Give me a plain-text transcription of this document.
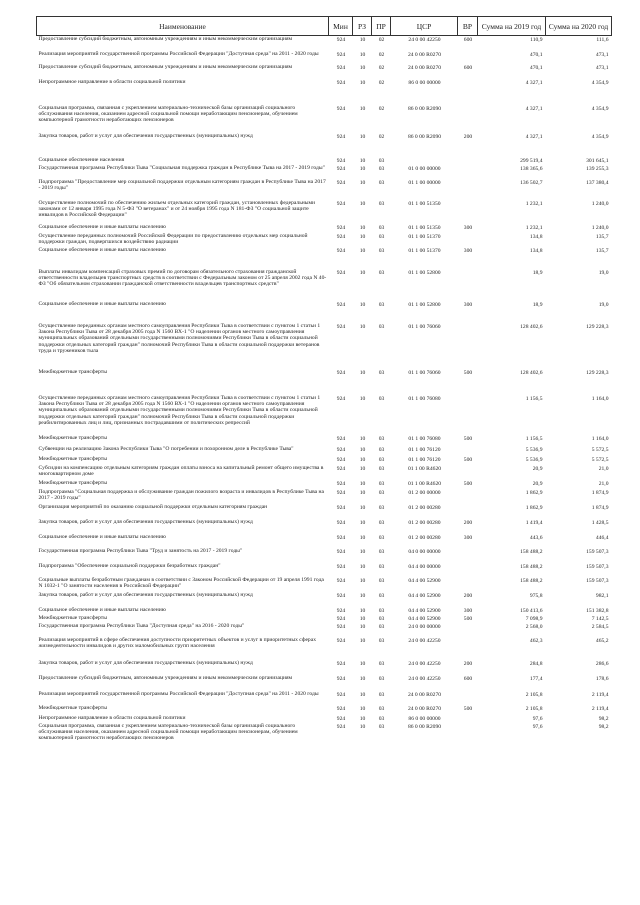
Наименование	Мин	РЗ	ПР	ЦСР	ВР	Сумма на 2019 год	Сумма на 2020 год
Предоставление субсидий бюджетным, автономным учреждениям и иным некоммерческим организациям	924	10	02	24 0 00 42250	600	110,9	111,6
Реализация мероприятий государственной программы Российской Федерации "Доступная среда" на 2011 - 2020 годы	924	10	02	24 0 00 R0270		470,1	473,1
Предоставление субсидий бюджетным, автономным учреждениям и иным некоммерческим организациям	924	10	02	24 0 00 R0270	600	470,1	473,1
Непрограммное направление в области социальной политики	924	10	02	86 0 00 00000		4 327,1	4 354,9
Социальная программа, связанная с укреплением материально-технической базы организаций социального обслуживания населения, оказанием адресной социальной помощи неработающим пенсионерам, обучением компьютерной грамотности неработающих пенсионеров	924	10	02	86 0 00 R2090		4 327,1	4 354,9
Закупка товаров, работ и услуг для обеспечения государственных (муниципальных) нужд	924	10	02	86 0 00 R2090	200	4 327,1	4 354,9
Социальное обеспечение населения	924	10	03			299 519,4	301 645,1
Государственная программа Республики Тыва "Социальная поддержка граждан в Республике Тыва на 2017 - 2019 годы"	924	10	03	01 0 00 00000		138 365,6	139 255,3
Подпрограмма "Предоставление мер социальной поддержки отдельным категориям граждан в Республике Тыва на 2017 - 2019 годы"	924	10	03	01 1 00 00000		136 502,7	137 380,4
Осуществление полномочий по обеспечению жильем отдельных категорий граждан, установленных федеральными законами от 12 января 1995 года N 5-ФЗ "О ветеранах" и от 24 ноября 1995 года N 181-ФЗ "О социальной защите инвалидов в Российской Федерации"	924	10	03	01 1 00 51350		1 232,1	1 240,0
Социальное обеспечение и иные выплаты населению	924	10	03	01 1 00 51350	300	1 232,1	1 240,0
Осуществление переданных полномочий Российской Федерации по предоставлению отдельных мер социальной поддержки граждан, подвергшихся воздействию радиации	924	10	03	01 1 00 51370		134,8	135,7
Социальное обеспечение и иные выплаты населению	924	10	03	01 1 00 51370	300	134,8	135,7
Выплаты инвалидам компенсаций страховых премий по договорам обязательного страхования гражданской ответственности владельцев транспортных средств в соответствии с Федеральным законом от 25 апреля 2002 года N 40-ФЗ "Об обязательном страховании гражданской ответственности владельцев транспортных средств"	924	10	03	01 1 00 52800		18,9	19,0
Социальное обеспечение и иные выплаты населению	924	10	03	01 1 00 52800	300	18,9	19,0
Осуществление переданных органам местного самоуправления Республики Тыва в соответствии с пунктом 1 статьи 1 Закона Республики Тыва от 28 декабря 2005 года N 1560 ВХ-1 "О наделении органов местного самоуправления муниципальных образований отдельными государственными полномочиями Республики Тыва в области социальной поддержки отдельных категорий граждан" полномочий Республики Тыва в области социальной поддержки ветеранов труда и тружеников тыла	924	10	03	01 1 00 76060		128 402,6	129 228,3
Межбюджетные трансферты	924	10	03	01 1 00 76060	500	128 402,6	129 228,3
Осуществление переданных органам местного самоуправления Республики Тыва в соответствии с пунктом 1 статьи 1 Закона Республики Тыва от 28 декабря 2005 года N 1560 ВХ-1 "О наделении органов местного самоуправления муниципальных образований отдельными государственными полномочиями Республики Тыва в области социальной поддержки отдельных категорий граждан" полномочий Республики Тыва в области социальной поддержки реабилитированных лиц и лиц, признанных пострадавшими от политических репрессий	924	10	03	01 1 00 76080		1 156,5	1 164,0
Межбюджетные трансферты	924	10	03	01 1 00 76080	500	1 156,5	1 164,0
Субвенции на реализацию Закона Республики Тыва "О погребении и похоронном деле в Республике Тыва"	924	10	03	01 1 00 76120		5 536,9	5 572,5
Межбюджетные трансферты	924	10	03	01 1 00 76120	500	5 536,9	5 572,5
Субсидии на компенсацию отдельным категориям граждан оплаты взноса на капитальный ремонт общего имущества в многоквартирном доме	924	10	03	01 1 00 R4620		20,9	21,0
Межбюджетные трансферты	924	10	03	01 1 00 R4620	500	20,9	21,0
Подпрограмма "Социальная поддержка и обслуживание граждан пожилого возраста и инвалидов в Республике Тыва на 2017 - 2019 годы"	924	10	03	01 2 00 00000		1 862,9	1 874,9
Организация мероприятий по оказанию социальной поддержки отдельным категориям граждан	924	10	03	01 2 00 00280		1 862,9	1 874,9
Закупка товаров, работ и услуг для обеспечения государственных (муниципальных) нужд	924	10	03	01 2 00 00280	200	1 419,4	1 428,5
Социальное обеспечение и иные выплаты населению	924	10	03	01 2 00 00280	300	443,6	446,4
Государственная программа Республики Тыва "Труд и занятость на 2017 - 2019 годы"	924	10	03	04 0 00 00000		158 488,2	159 507,3
Подпрограмма "Обеспечение социальной поддержки безработных граждан"	924	10	03	04 4 00 00000		158 488,2	159 507,3
Социальные выплаты безработным гражданам в соответствии с Законом Российской Федерации от 19 апреля 1991 года N 1032-1 "О занятости населения в Российской Федерации"	924	10	03	04 4 00 52900		158 488,2	159 507,3
Закупка товаров, работ и услуг для обеспечения государственных (муниципальных) нужд	924	10	03	04 4 00 52900	200	975,8	982,1
Социальное обеспечение и иные выплаты населению	924	10	03	04 4 00 52900	300	150 413,6	151 382,8
Межбюджетные трансферты	924	10	03	04 4 00 52900	500	7 098,9	7 142,5
Государственная программа Республики Тыва "Доступная среда" на 2016 - 2020 годы"	924	10	03	24 0 00 00000		2 568,0	2 584,5
Реализация мероприятий в сфере обеспечения доступности приоритетных объектов и услуг в приоритетных сферах жизнедеятельности инвалидов и других маломобильных групп населения	924	10	03	24 0 00 42250		462,3	465,2
Закупка товаров, работ и услуг для обеспечения государственных (муниципальных) нужд	924	10	03	24 0 00 42250	200	284,8	286,6
Предоставление субсидий бюджетным, автономным учреждениям и иным некоммерческим организациям	924	10	03	24 0 00 42250	600	177,4	178,6
Реализация мероприятий государственной программы Российской Федерации "Доступная среда" на 2011 - 2020 годы	924	10	03	24 0 00 R0270		2 105,8	2 119,4
Межбюджетные трансферты	924	10	03	24 0 00 R0270	500	2 105,8	2 119,4
Непрограммное направление в области социальной политики	924	10	03	86 0 00 00000		97,6	98,2
Социальная программа, связанная с укреплением материально-технической базы организаций социального обслуживания населения, оказанием адресной социальной помощи неработающим пенсионерам, обучением компьютерной грамотности неработающих пенсионеров	924	10	03	86 0 00 R2090		97,6	98,2
